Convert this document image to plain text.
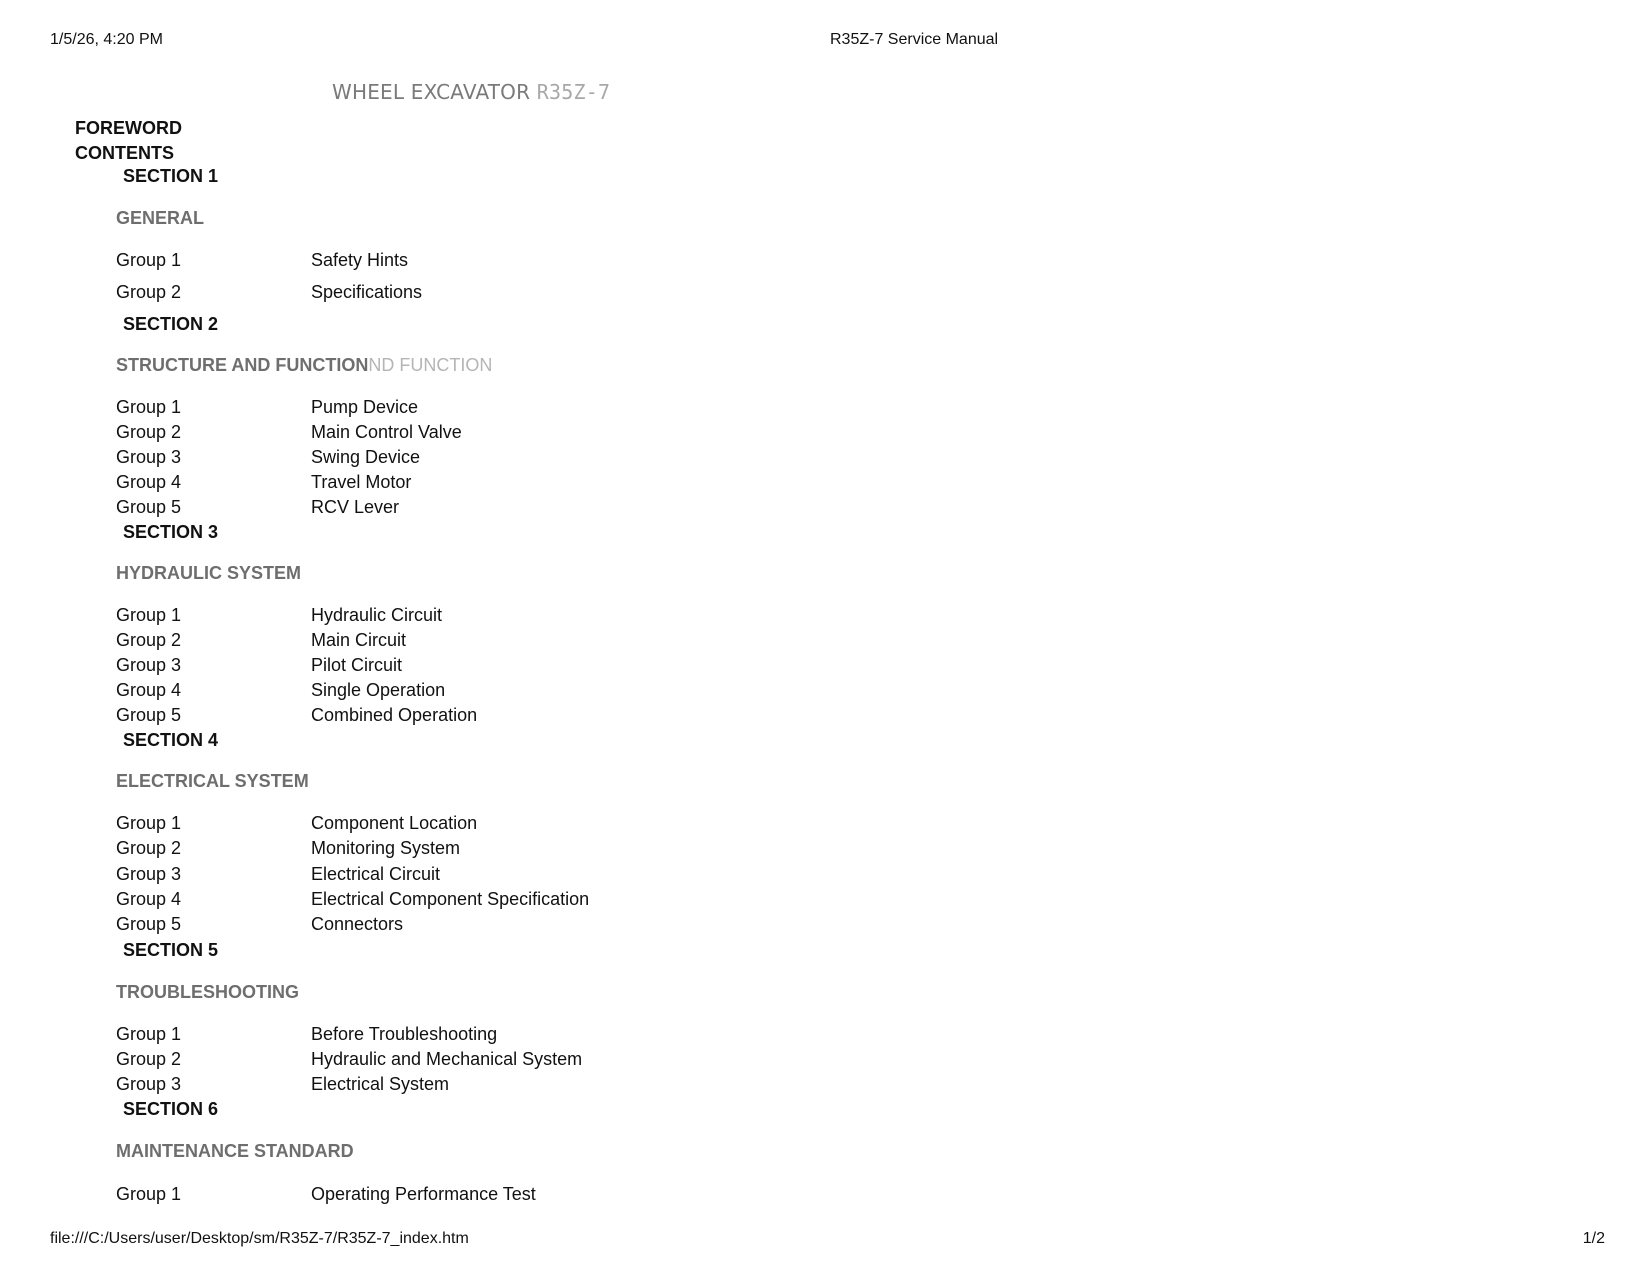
1/5/26, 4:20 PM	R35Z-7 Service Manual
WHEEL EXCAVATOR R35Z-7
FOREWORD
CONTENTS
SECTION 1
GENERAL
Group 1	Safety Hints
Group 2	Specifications
SECTION 2
STRUCTURE AND FUNCTIONND FUNCTION
Group 1	Pump Device
Group 2	Main Control Valve
Group 3	Swing Device
Group 4	Travel Motor
Group 5	RCV Lever
SECTION 3
HYDRAULIC SYSTEM
Group 1	Hydraulic Circuit
Group 2	Main Circuit
Group 3	Pilot Circuit
Group 4	Single Operation
Group 5	Combined Operation
SECTION 4
ELECTRICAL SYSTEM
Group 1	Component Location
Group 2	Monitoring System
Group 3	Electrical Circuit
Group 4	Electrical Component Specification
Group 5	Connectors
SECTION 5
TROUBLESHOOTING
Group 1	Before Troubleshooting
Group 2	Hydraulic and Mechanical System
Group 3	Electrical System
SECTION 6
MAINTENANCE STANDARD
Group 1	Operating Performance Test
file:///C:/Users/user/Desktop/sm/R35Z-7/R35Z-7_index.htm	1/2
